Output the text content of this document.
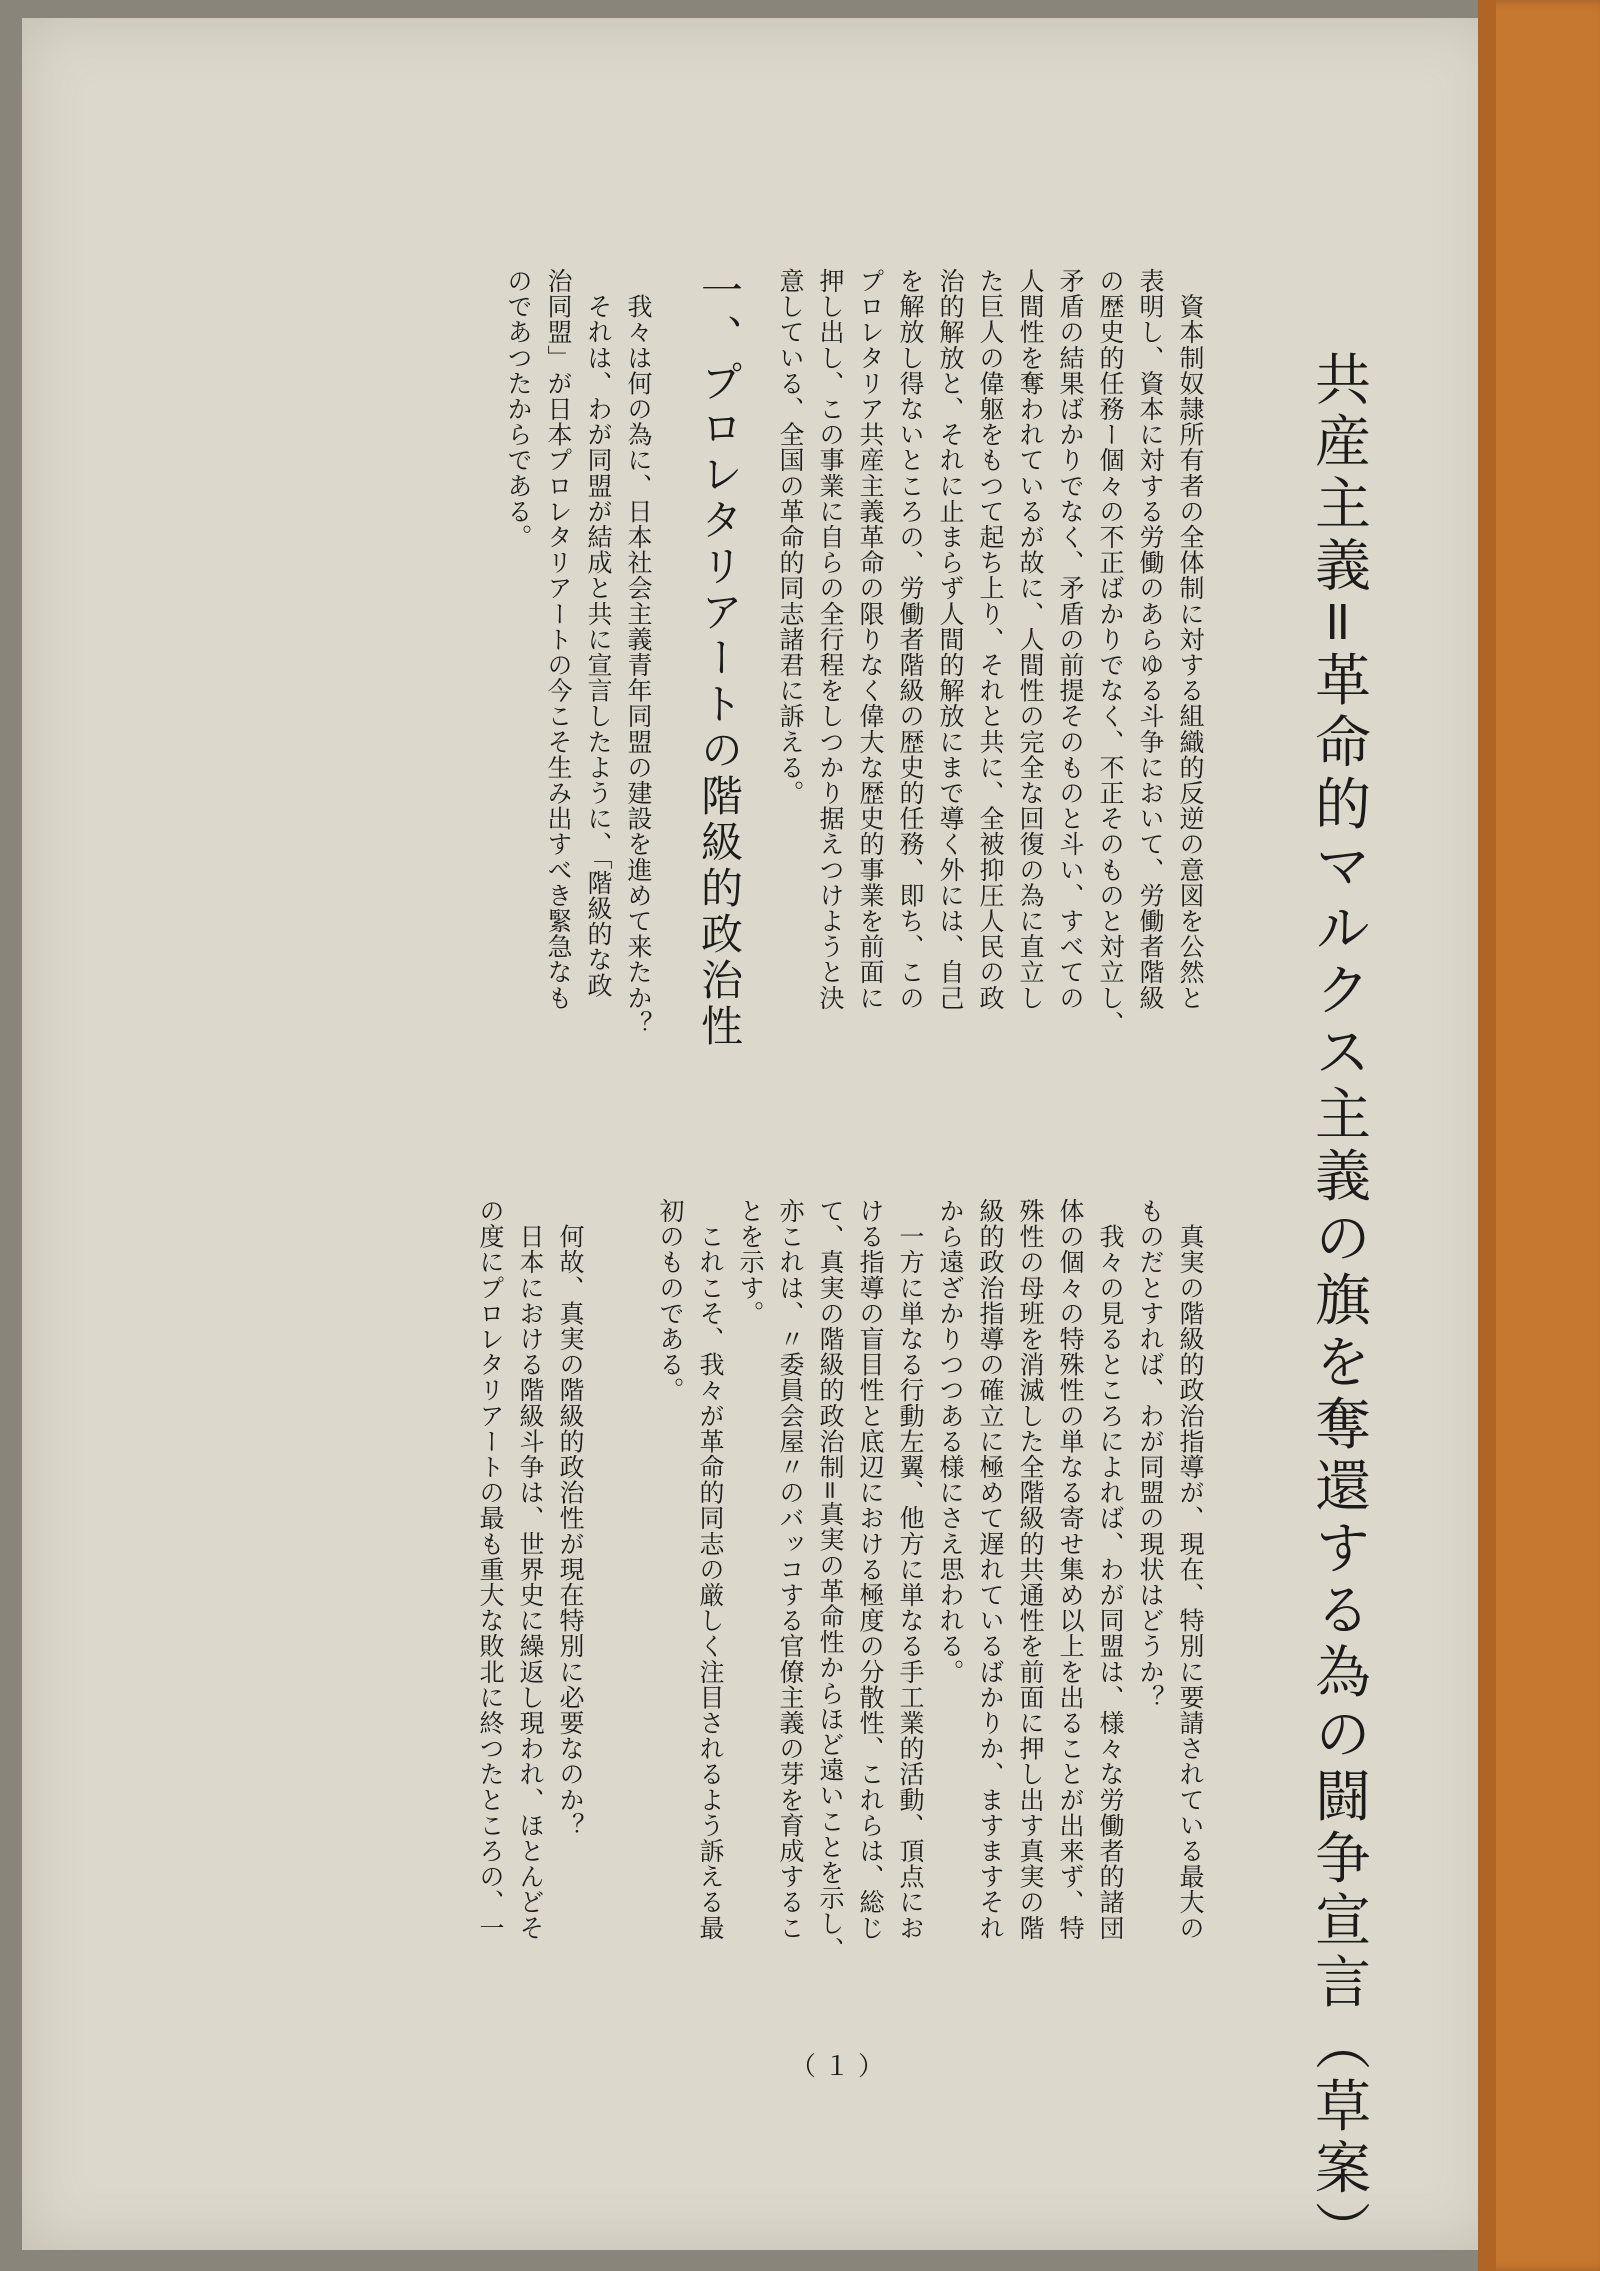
共産主義=革命的マルクス主義の旗を奪還する為の闘争宣言（草案）
　資本制奴隷所有者の全体制に対する組織的反逆の意図を公然と
表明し、資本に対する労働のあらゆる斗争において、労働者階級
の歴史的任務ー個々の不正ばかりでなく、不正そのものと対立し、
矛盾の結果ばかりでなく、矛盾の前提そのものと斗い、すべての
人間性を奪われているが故に、人間性の完全な回復の為に直立し
た巨人の偉躯をもつて起ち上り、それと共に、全被抑圧人民の政
治的解放と、それに止まらず人間的解放にまで導く外には、自己
を解放し得ないところの、労働者階級の歴史的任務、即ち、この
プロレタリア共産主義革命の限りなく偉大な歴史的事業を前面に
押し出し、この事業に自らの全行程をしつかり据えつけようと決
意している、全国の革命的同志諸君に訴える。
一、プロレタリアートの階級的政治性
　我々は何の為に、日本社会主義青年同盟の建設を進めて来たか？
　それは、わが同盟が結成と共に宣言したように、「階級的な政
治同盟」が日本プロレタリアートの今こそ生み出すべき緊急なも
のであつたからである。
　真実の階級的政治指導が、現在、特別に要請されている最大の
ものだとすれば、わが同盟の現状はどうか？
　我々の見るところによれば、わが同盟は、様々な労働者的諸団
体の個々の特殊性の単なる寄せ集め以上を出ることが出来ず、特
殊性の母班を消滅した全階級的共通性を前面に押し出す真実の階
級的政治指導の確立に極めて遅れているばかりか、ますますそれ
から遠ざかりつつある様にさえ思われる。
　一方に単なる行動左翼、他方に単なる手工業的活動、頂点にお
ける指導の盲目性と底辺における極度の分散性、これらは、総じ
て、真実の階級的政治制=真実の革命性からほど遠いことを示し、
亦これは、〃委員会屋〃のバッコする官僚主義の芽を育成するこ
とを示す。
　これこそ、我々が革命的同志の厳しく注目されるよう訴える最
初のものである。
　何故、真実の階級的政治性が現在特別に必要なのか？
　日本における階級斗争は、世界史に繰返し現われ、ほとんどそ
の度にプロレタリアートの最も重大な敗北に終つたところの、一
（１）
